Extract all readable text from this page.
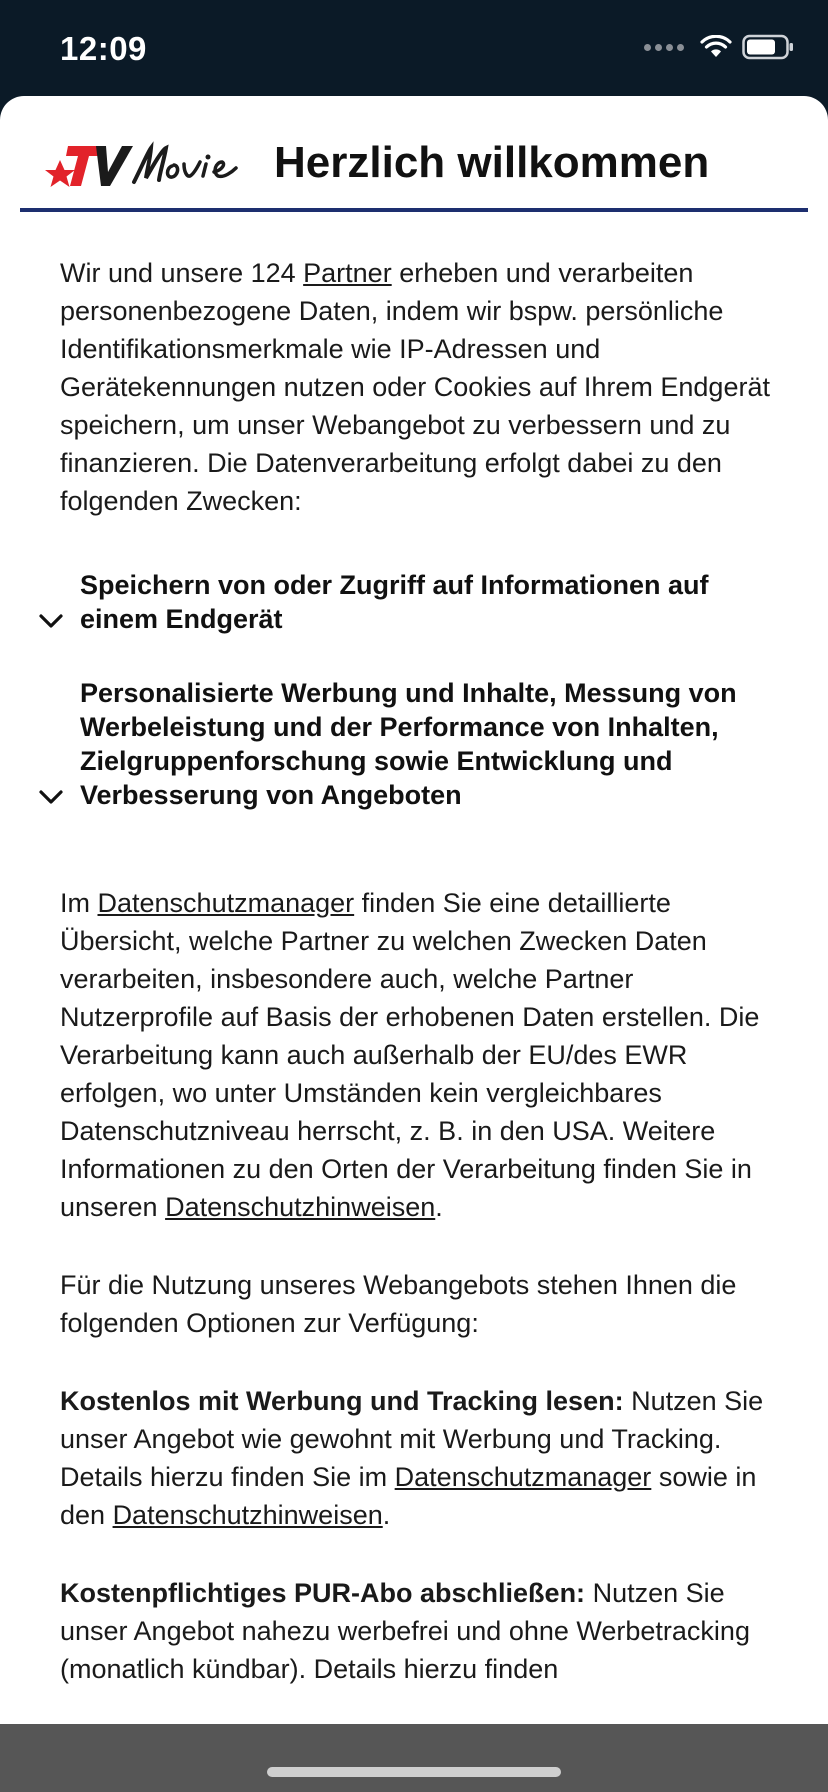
12:09
Herzlich willkommen

Wir und unsere 124 Partner erheben und verarbeiten personenbezogene Daten, indem wir bspw. persönliche Identifikationsmerkmale wie IP-Adressen und Gerätekennungen nutzen oder Cookies auf Ihrem Endgerät speichern, um unser Webangebot zu verbessern und zu finanzieren. Die Datenverarbeitung erfolgt dabei zu den folgenden Zwecken:

Speichern von oder Zugriff auf Informationen auf einem Endgerät
Personalisierte Werbung und Inhalte, Messung von Werbeleistung und der Performance von Inhalten, Zielgruppenforschung sowie Entwicklung und Verbesserung von Angeboten

Im Datenschutzmanager finden Sie eine detaillierte Übersicht, welche Partner zu welchen Zwecken Daten verarbeiten, insbesondere auch, welche Partner Nutzerprofile auf Basis der erhobenen Daten erstellen. Die Verarbeitung kann auch außerhalb der EU/des EWR erfolgen, wo unter Umständen kein vergleichbares Datenschutzniveau herrscht, z. B. in den USA. Weitere Informationen zu den Orten der Verarbeitung finden Sie in unseren Datenschutzhinweisen.

Für die Nutzung unseres Webangebots stehen Ihnen die folgenden Optionen zur Verfügung:

Kostenlos mit Werbung und Tracking lesen: Nutzen Sie unser Angebot wie gewohnt mit Werbung und Tracking. Details hierzu finden Sie im Datenschutzmanager sowie in den Datenschutzhinweisen.

Kostenpflichtiges PUR-Abo abschließen: Nutzen Sie unser Angebot nahezu werbefrei und ohne Werbetracking (monatlich kündbar). Details hierzu finden
